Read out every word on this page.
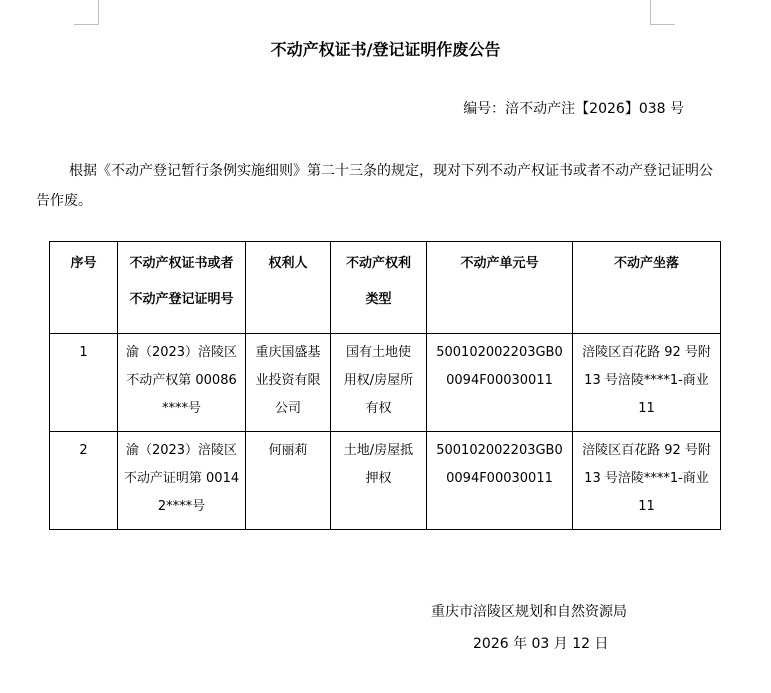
不动产权证书/登记证明作废公告
编号：涪不动产注【2026】038 号
根据《不动产登记暂行条例实施细则》第二十三条的规定，现对下列不动产权证书或者不动产登记证明公告作废。
序号	不动产权证书或者不动产登记证明号	权利人	不动产权利类型	不动产单元号	不动产坐落
1	渝（2023）涪陵区不动产权第 00086****号	重庆国盛基业投资有限公司	国有土地使用权/房屋所有权	500102002203GB00094F00030011	涪陵区百花路 92 号附 13 号涪陵****1-商业11
2	渝（2023）涪陵区不动产证明第 00142****号	何丽莉	土地/房屋抵押权	500102002203GB00094F00030011	涪陵区百花路 92 号附 13 号涪陵****1-商业11
重庆市涪陵区规划和自然资源局
2026 年 03 月 12 日
